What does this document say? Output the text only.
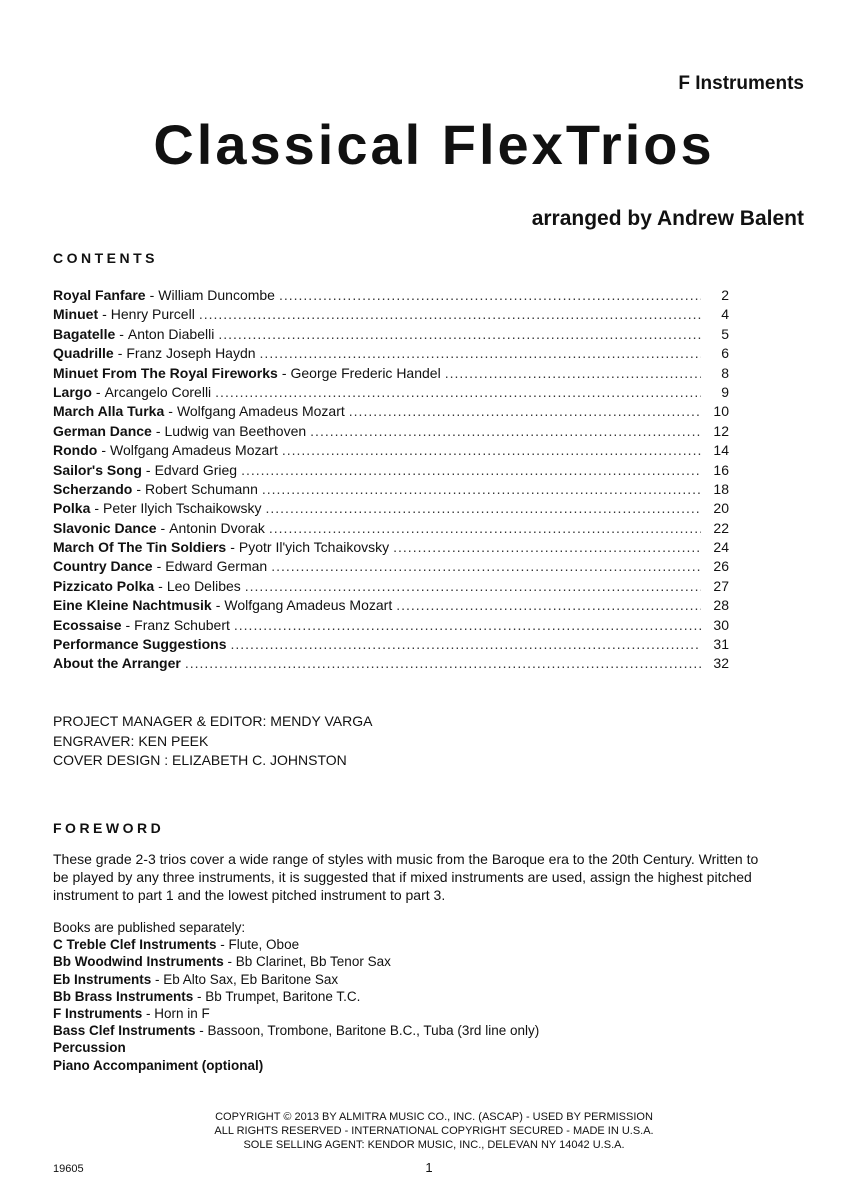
F Instruments
Classical FlexTrios
arranged by Andrew Balent
CONTENTS
Royal Fanfare - William Duncombe .....	2
Minuet - Henry Purcell .....	4
Bagatelle - Anton Diabelli .....	5
Quadrille - Franz Joseph Haydn .....	6
Minuet From The Royal Fireworks - George Frederic Handel .....	8
Largo - Arcangelo Corelli .....	9
March Alla Turka - Wolfgang Amadeus Mozart .....	10
German Dance - Ludwig van Beethoven .....	12
Rondo - Wolfgang Amadeus Mozart .....	14
Sailor's Song - Edvard Grieg .....	16
Scherzando - Robert Schumann .....	18
Polka - Peter Ilyich Tschaikowsky .....	20
Slavonic Dance - Antonin Dvorak .....	22
March Of The Tin Soldiers - Pyotr Il'yich Tchaikovsky .....	24
Country Dance - Edward German .....	26
Pizzicato Polka - Leo Delibes .....	27
Eine Kleine Nachtmusik - Wolfgang Amadeus Mozart .....	28
Ecossaise - Franz Schubert .....	30
Performance Suggestions .....	31
About the Arranger .....	32
PROJECT MANAGER & EDITOR: MENDY VARGA
ENGRAVER: KEN PEEK
COVER DESIGN : ELIZABETH C. JOHNSTON
FOREWORD

These grade 2-3 trios cover a wide range of styles with music from the Baroque era to the 20th Century. Written to be played by any three instruments, it is suggested that if mixed instruments are used, assign the highest pitched instrument to part 1 and the lowest pitched instrument to part 3.

Books are published separately:
C Treble Clef Instruments - Flute, Oboe
Bb Woodwind Instruments - Bb Clarinet, Bb Tenor Sax
Eb Instruments - Eb Alto Sax, Eb Baritone Sax
Bb Brass Instruments - Bb Trumpet, Baritone T.C.
F Instruments - Horn in F
Bass Clef Instruments - Bassoon, Trombone, Baritone B.C., Tuba (3rd line only)
Percussion
Piano Accompaniment (optional)
COPYRIGHT © 2013 BY ALMITRA MUSIC CO., INC. (ASCAP) - USED BY PERMISSION
ALL RIGHTS RESERVED - INTERNATIONAL COPYRIGHT SECURED - MADE IN U.S.A.
SOLE SELLING AGENT: KENDOR MUSIC, INC., DELEVAN NY 14042 U.S.A.
19605	1
